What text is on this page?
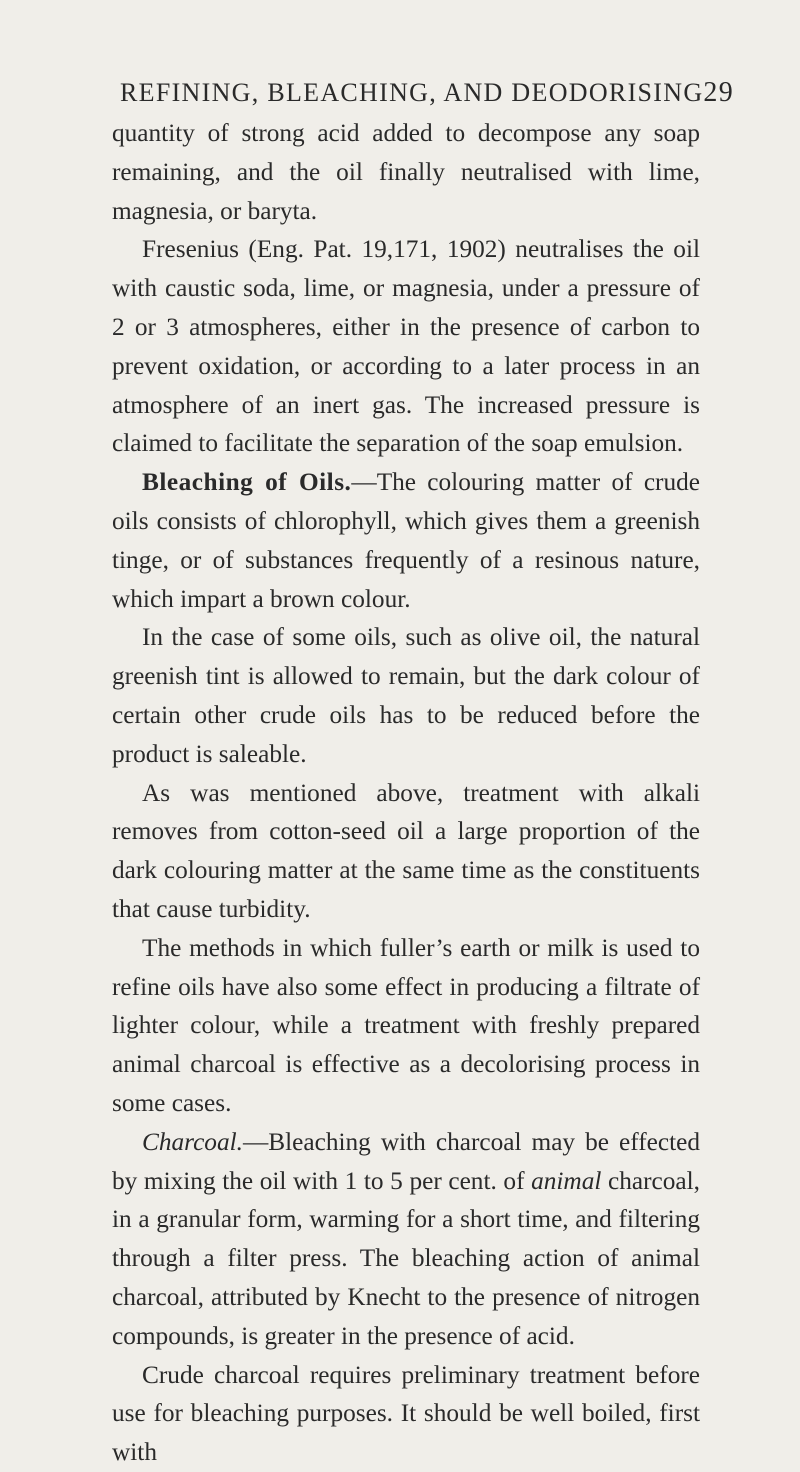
REFINING, BLEACHING, AND DEODORISING 29

quantity of strong acid added to decompose any soap remaining, and the oil finally neutralised with lime, magnesia, or baryta.

Fresenius (Eng. Pat. 19,171, 1902) neutralises the oil with caustic soda, lime, or magnesia, under a pressure of 2 or 3 atmospheres, either in the presence of carbon to prevent oxidation, or according to a later process in an atmosphere of an inert gas. The increased pressure is claimed to facilitate the separation of the soap emulsion.

Bleaching of Oils.—The colouring matter of crude oils consists of chlorophyll, which gives them a greenish tinge, or of substances frequently of a resinous nature, which impart a brown colour.

In the case of some oils, such as olive oil, the natural greenish tint is allowed to remain, but the dark colour of certain other crude oils has to be reduced before the product is saleable.

As was mentioned above, treatment with alkali removes from cotton-seed oil a large proportion of the dark colouring matter at the same time as the constituents that cause turbidity.

The methods in which fuller’s earth or milk is used to refine oils have also some effect in producing a filtrate of lighter colour, while a treatment with freshly prepared animal charcoal is effective as a decolorising process in some cases.

Charcoal.—Bleaching with charcoal may be effected by mixing the oil with 1 to 5 per cent. of animal charcoal, in a granular form, warming for a short time, and filtering through a filter press. The bleaching action of animal charcoal, attributed by Knecht to the presence of nitrogen compounds, is greater in the presence of acid.

Crude charcoal requires preliminary treatment before use for bleaching purposes. It should be well boiled, first with
